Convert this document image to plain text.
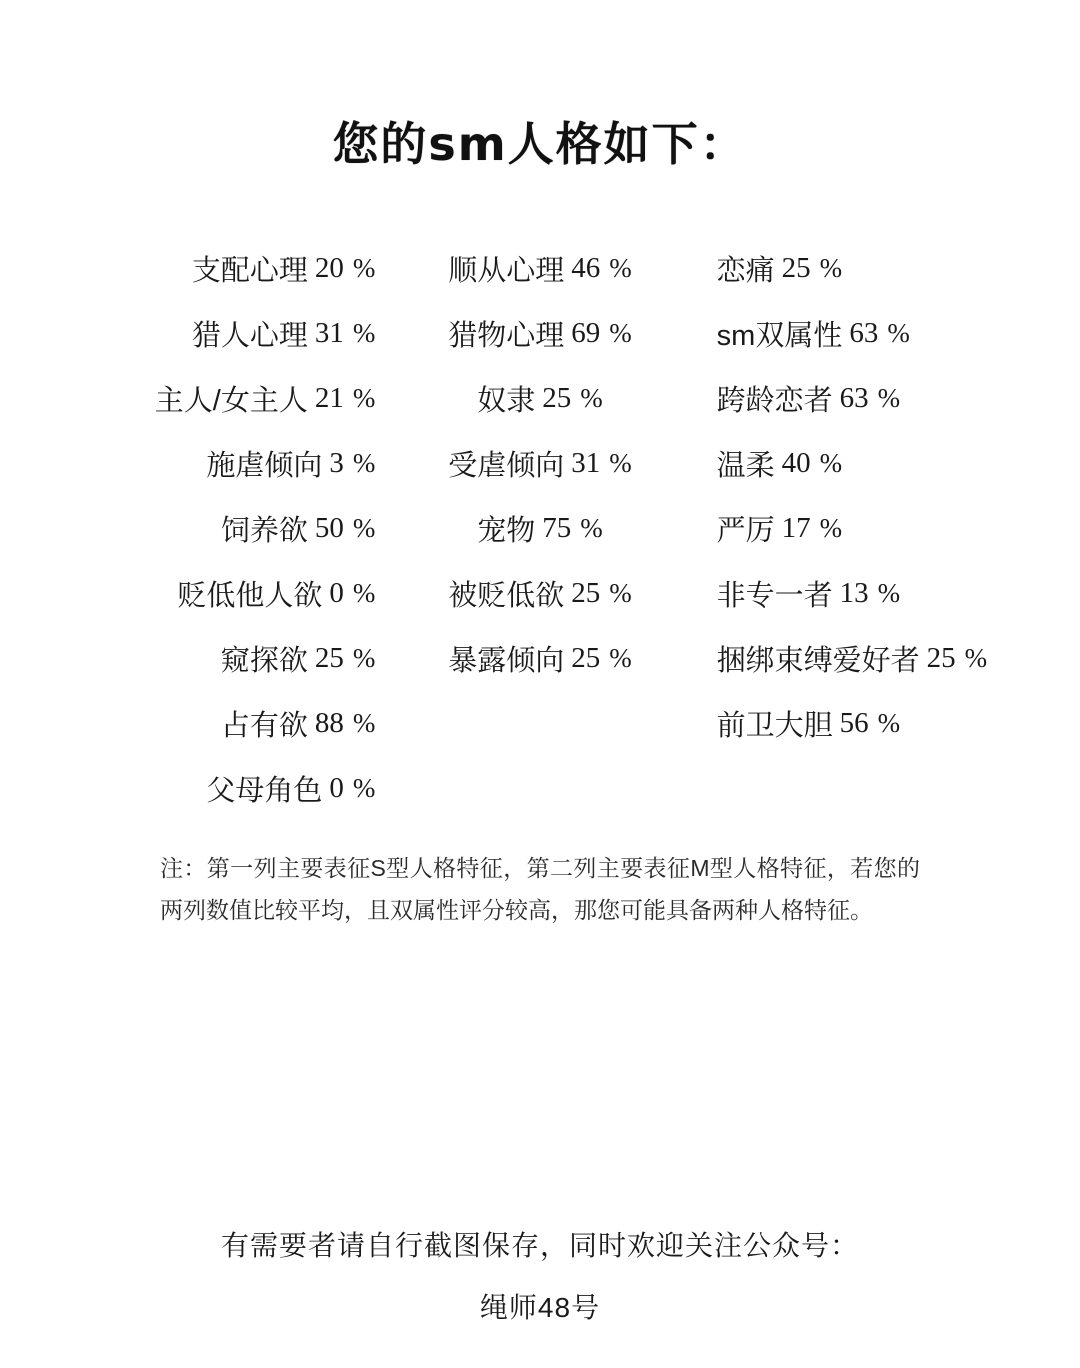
您的sm人格如下：
支配心理 20 %
猎人心理 31 %
主人/女主人 21 %
施虐倾向 3 %
饲养欲 50 %
贬低他人欲 0 %
窥探欲 25 %
占有欲 88 %
父母角色 0 %
顺从心理 46 %
猎物心理 69 %
奴隶 25 %
受虐倾向 31 %
宠物 75 %
被贬低欲 25 %
暴露倾向 25 %
恋痛 25 %
sm双属性 63 %
跨龄恋者 63 %
温柔 40 %
严厉 17 %
非专一者 13 %
捆绑束缚爱好者 25 %
前卫大胆 56 %
注：第一列主要表征S型人格特征，第二列主要表征M型人格特征，若您的两列数值比较平均，且双属性评分较高，那您可能具备两种人格特征。
有需要者请自行截图保存，同时欢迎关注公众号：
绳师48号
